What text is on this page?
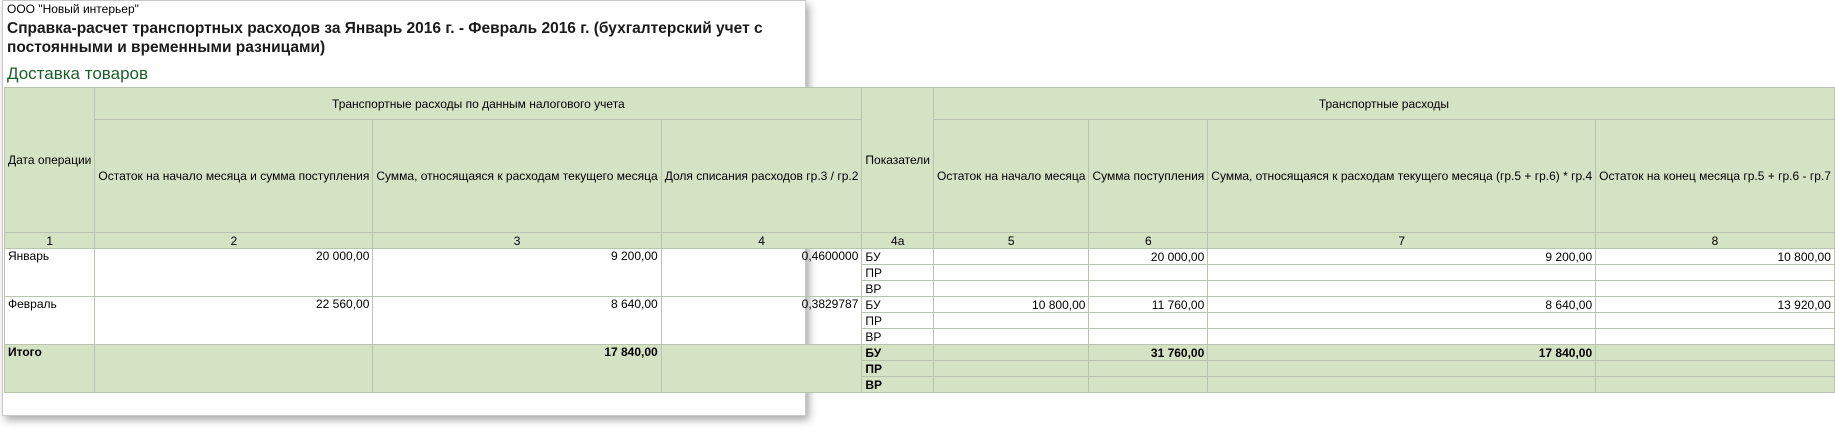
ООО "Новый интерьер"
Справка-расчет транспортных расходов за Январь 2016 г. - Февраль 2016 г. (бухгалтерский учет с постоянными и временными разницами)
Доставка товаров
Дата операции	Транспортные расходы по данным налогового учета			Показатели	Транспортные расходы			
	Остаток на начало месяца и сумма поступления	Сумма, относящаяся к расходам текущего месяца	Доля списания расходов гр.3 / гр.2		Остаток на начало месяца	Сумма поступления	Сумма, относящаяся к расходам текущего месяца (гр.5 + гр.6) * гр.4	Остаток на конец месяца гр.5 + гр.6 - гр.7
1	2	3	4	4а	5	6	7	8
Январь	20 000,00	9 200,00	0,4600000	БУ		20 000,00	9 200,00	10 800,00
				ПР				
				ВР				
Февраль	22 560,00	8 640,00	0,3829787	БУ	10 800,00	11 760,00	8 640,00	13 920,00
				ПР				
				ВР				
Итого		17 840,00		БУ		31 760,00	17 840,00	
				ПР				
				ВР				
